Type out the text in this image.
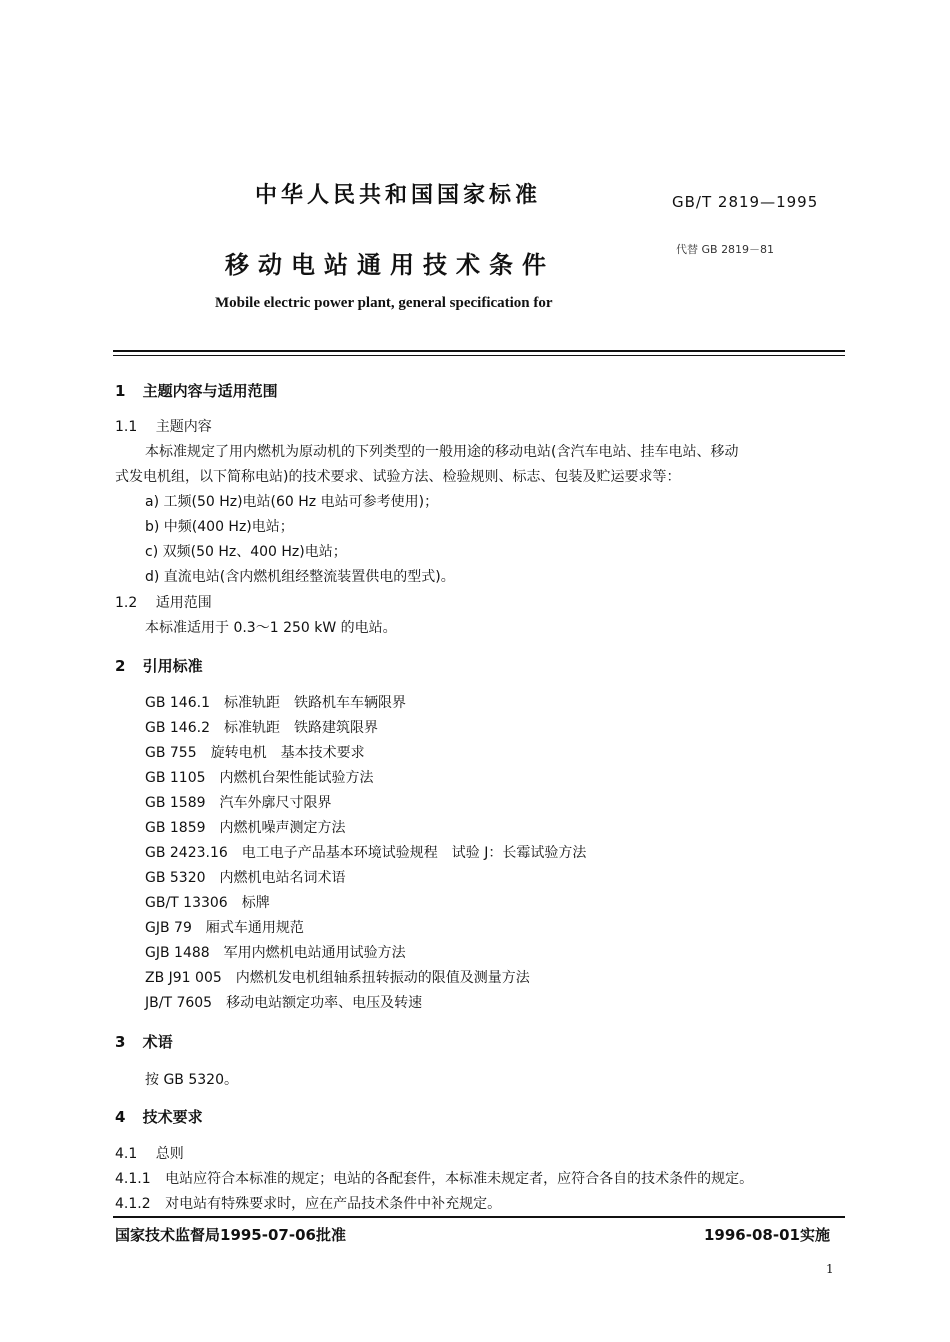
中华人民共和国国家标准	GB/T 2819—1995
移动电站通用技术条件
代替 GB 2819－81
Mobile electric power plant, general specification for
1 主题内容与适用范围
1.1 主题内容
本标准规定了用内燃机为原动机的下列类型的一般用途的移动电站(含汽车电站、挂车电站、移动
式发电机组，以下简称电站)的技术要求、试验方法、检验规则、标志、包装及贮运要求等：
a) 工频(50 Hz)电站(60 Hz 电站可参考使用)；
b) 中频(400 Hz)电站；
c) 双频(50 Hz、400 Hz)电站；
d) 直流电站(含内燃机组经整流装置供电的型式)。
1.2 适用范围
本标准适用于 0.3～1 250 kW 的电站。
2 引用标准
GB 146.1 标准轨距　铁路机车车辆限界
GB 146.2 标准轨距　铁路建筑限界
GB 755 旋转电机　基本技术要求
GB 1105 内燃机台架性能试验方法
GB 1589 汽车外廓尺寸限界
GB 1859 内燃机噪声测定方法
GB 2423.16 电工电子产品基本环境试验规程　试验 J：长霉试验方法
GB 5320 内燃机电站名词术语
GB/T 13306 标牌
GJB 79 厢式车通用规范
GJB 1488 军用内燃机电站通用试验方法
ZB J91 005 内燃机发电机组轴系扭转振动的限值及测量方法
JB/T 7605 移动电站额定功率、电压及转速
3 术语
按 GB 5320。
4 技术要求
4.1 总则
4.1.1 电站应符合本标准的规定；电站的各配套件，本标准未规定者，应符合各自的技术条件的规定。
4.1.2 对电站有特殊要求时，应在产品技术条件中补充规定。
国家技术监督局1995-07-06批准	1996-08-01实施
1
